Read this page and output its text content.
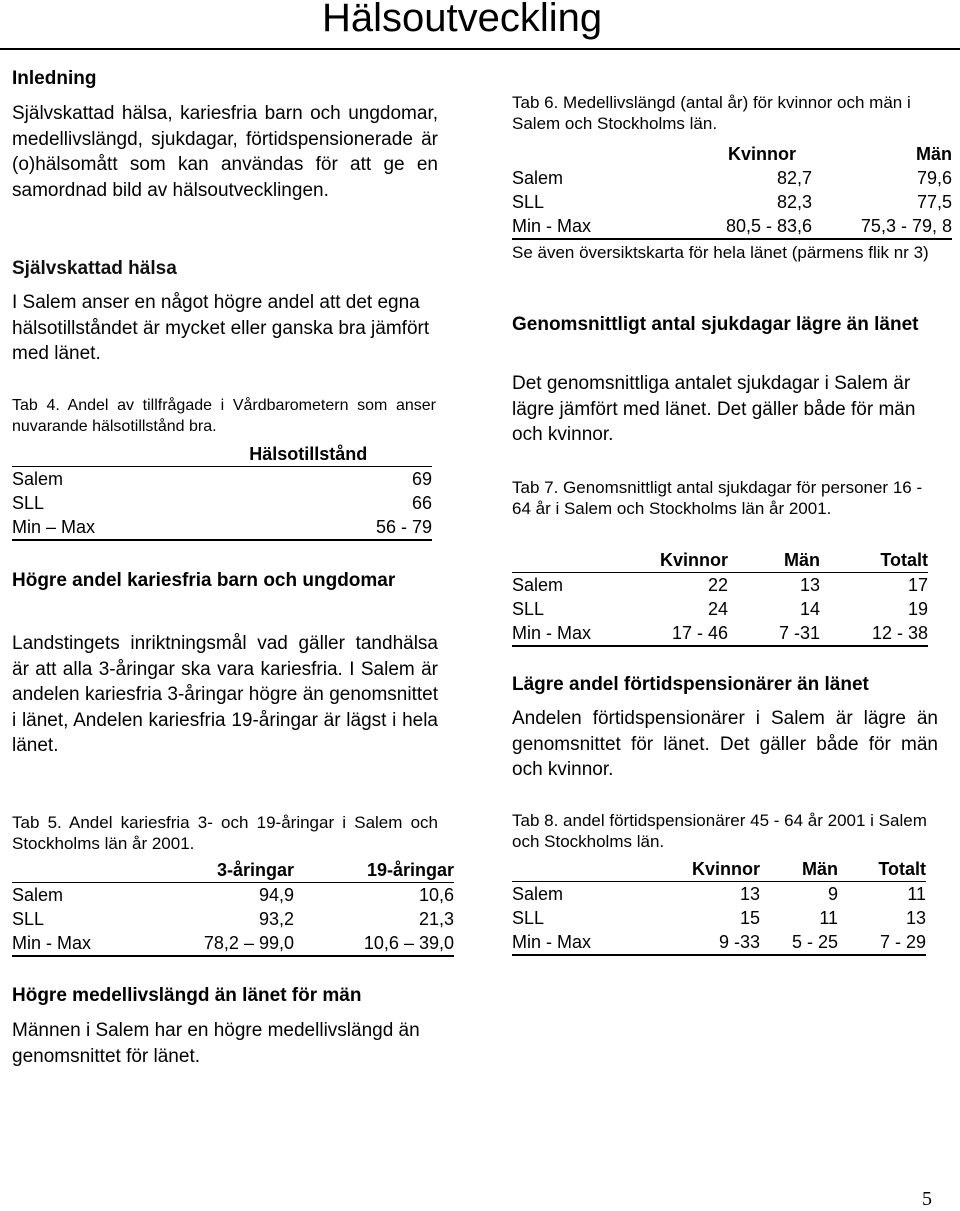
Hälsoutveckling
Inledning
Självskattad hälsa, kariesfria barn och ungdomar, medellivslängd, sjukdagar, förtidspensionerade är (o)hälsomått som kan användas för att ge en samordnad bild av hälsoutvecklingen.
Självskattad hälsa
I Salem anser en något högre andel att det egna hälsotillståndet är mycket eller ganska bra jämfört med länet.
Tab 4. Andel av tillfrågade i Vårdbarometern som anser nuvarande hälsotillstånd bra.
	Hälsotillstånd	
Salem		69
SLL		66
Min – Max		56 - 79
Högre andel kariesfria barn och ungdomar
Landstingets inriktningsmål vad gäller tandhälsa är att alla 3-åringar ska vara kariesfria. I Salem är andelen kariesfria 3-åringar högre än genomsnittet i länet, Andelen kariesfria 19-åringar är lägst i hela länet.
Tab 5. Andel kariesfria 3- och 19-åringar i Salem och Stockholms län år 2001.
	3-åringar	19-åringar
Salem	94,9	10,6
SLL	93,2	21,3
Min - Max	78,2 – 99,0	10,6 – 39,0
Högre medellivslängd än länet för män
Männen i Salem har en högre medellivslängd än genomsnittet för länet.
Tab 6. Medellivslängd (antal år) för kvinnor och män i Salem och Stockholms län.
	Kvinnor	Män
Salem	82,7	79,6
SLL	82,3	77,5
Min - Max	80,5 - 83,6	75,3 - 79, 8
Se även översiktskarta för hela länet (pärmens flik nr 3)
Genomsnittligt antal sjukdagar lägre än länet
Det genomsnittliga antalet sjukdagar i Salem är lägre jämfört med länet. Det gäller både för män och kvinnor.
Tab 7. Genomsnittligt antal sjukdagar för personer 16 - 64 år i Salem och Stockholms län år 2001.
	Kvinnor	Män	Totalt
Salem	22	13	17
SLL	24	14	19
Min - Max	17 - 46	7 -31	12 - 38
Lägre andel förtidspensionärer än länet
Andelen förtidspensionärer i Salem är lägre än genomsnittet för länet. Det gäller både för män och kvinnor.
Tab 8. andel förtidspensionärer 45 - 64 år 2001 i Salem och Stockholms län.
	Kvinnor	Män	Totalt
Salem	13	9	11
SLL	15	11	13
Min - Max	9 -33	5 - 25	7 - 29
5
